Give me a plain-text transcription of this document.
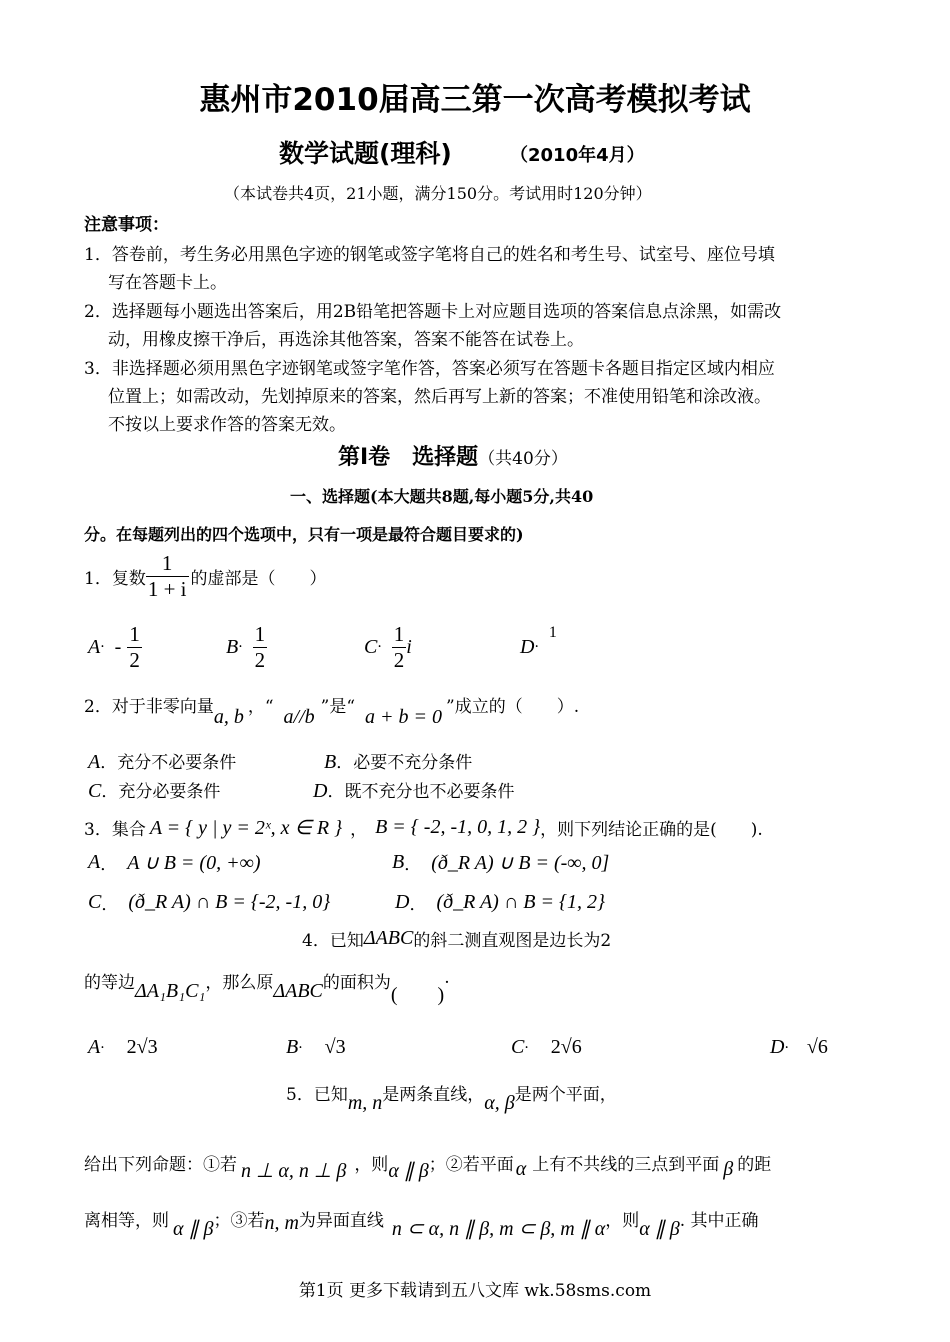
惠州市2010届高三第一次高考模拟考试
数学试题(理科)	（2010年4月）
（本试卷共4页，21小题，满分150分。考试用时120分钟）
注意事项：
1．答卷前，考生务必用黑色字迹的钢笔或签字笔将自己的姓名和考生号、试室号、座位号填
写在答题卡上。
2．选择题每小题选出答案后，用2B铅笔把答题卡上对应题目选项的答案信息点涂黑，如需改
动，用橡皮擦干净后，再选涂其他答案，答案不能答在试卷上。
3．非选择题必须用黑色字迹钢笔或签字笔作答，答案必须写在答题卡各题目指定区域内相应
位置上；如需改动，先划掉原来的答案，然后再写上新的答案；不准使用铅笔和涂改液。
不按以上要求作答的答案无效。
第Ⅰ卷　选择题（共40分）
一、选择题(本大题共8题,每小题5分,共40
分。在每题列出的四个选项中，只有一项是最符合题目要求的)
1．复数 $\frac{1}{1 + i}$ 的虚部是（　　）
A · - $\frac{1}{2}$	$B \cdot \frac{1}{2}$	$C \cdot \frac{1}{2}$ i	D ·
1
2．对于非零向量 a, b ，“ a//b ”是“ a + b = 0 ”成立的（　　）.
A．充分不必要条件	B．必要不充分条件
C．充分必要条件	D．既不充分也不必要条件
3．集合 A = { y | y = 2ˣ, x ∈ R } ， B = { -2, -1, 0, 1, 2 } ，则下列结论正确的是(　　).
A ． A ∪ B = (0, +∞)	B ． (ð_R A) ∪ B = (-∞, 0]
C ． (ð_R A) ∩ B = {-2, -1, 0}	D ． (ð_R A) ∩ B = {1, 2}
4．已知 ΔABC 的斜二测直观图是边长为2
的等边 ΔA₁B₁C₁ ，那么原 ΔABC 的面积为
(　　)
.
A · 2√3	B · √3	C · 2√6	D · √6
5．已知 m, n 是两条直线， α, β 是两个平面，
给出下列命题：①若 n ⊥ α, n ⊥ β ，则 α ∥ β ；②若平面 α 上有不共线的三点到平面 β 的距
离相等，则 α ∥ β ；③若 n, m 为异面直线 n ⊂ α, n ∥ β, m ⊂ β, m ∥ α ，则 α ∥ β . 其中正确
第1页 更多下载请到五八文库 wk.58sms.com
